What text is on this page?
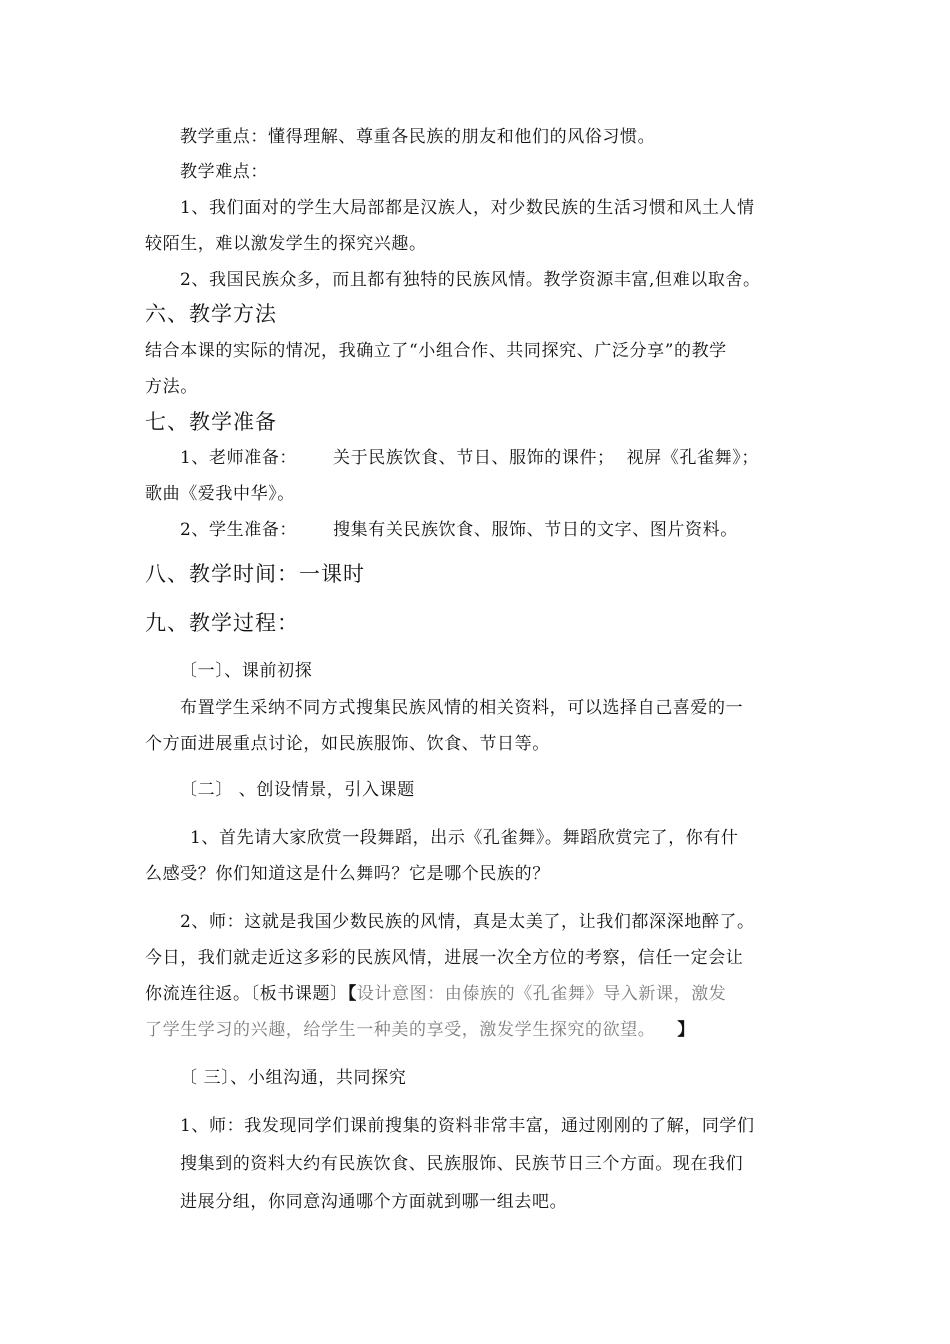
教学重点：懂得理解、尊重各民族的朋友和他们的风俗习惯。
教学难点：
1、我们面对的学生大局部都是汉族人，对少数民族的生活习惯和风土人情
较陌生，难以激发学生的探究兴趣。
2、我国民族众多，而且都有独特的民族风情。教学资源丰富,但难以取舍。
六、教学方法
结合本课的实际的情况，我确立了“小组合作、共同探究、广泛分享”的教学
方法。
七、教学准备
1、老师准备：      关于民族饮食、节日、服饰的课件；  视屏《孔雀舞》；
歌曲《爱我中华》。
2、学生准备：      搜集有关民族饮食、服饰、节日的文字、图片资料。
八、教学时间：一课时
九、教学过程：
〔一〕、课前初探
布置学生采纳不同方式搜集民族风情的相关资料，可以选择自己喜爱的一
个方面进展重点讨论，如民族服饰、饮食、节日等。
〔二〕 、创设情景，引入课题
1、首先请大家欣赏一段舞蹈，出示《孔雀舞》。舞蹈欣赏完了，你有什
么感受？你们知道这是什么舞吗？它是哪个民族的？
2、师：这就是我国少数民族的风情，真是太美了，让我们都深深地醉了。
今日，我们就走近这多彩的民族风情，进展一次全方位的考察，信任一定会让
你流连往返。〔板书课题〕【设计意图：由傣族的《孔雀舞》导入新课，激发
了学生学习的兴趣，给学生一种美的享受，激发学生探究的欲望。 】
〔 三〕、小组沟通，共同探究
1、师：我发现同学们课前搜集的资料非常丰富，通过刚刚的了解，同学们
搜集到的资料大约有民族饮食、民族服饰、民族节日三个方面。现在我们
进展分组，你同意沟通哪个方面就到哪一组去吧。
